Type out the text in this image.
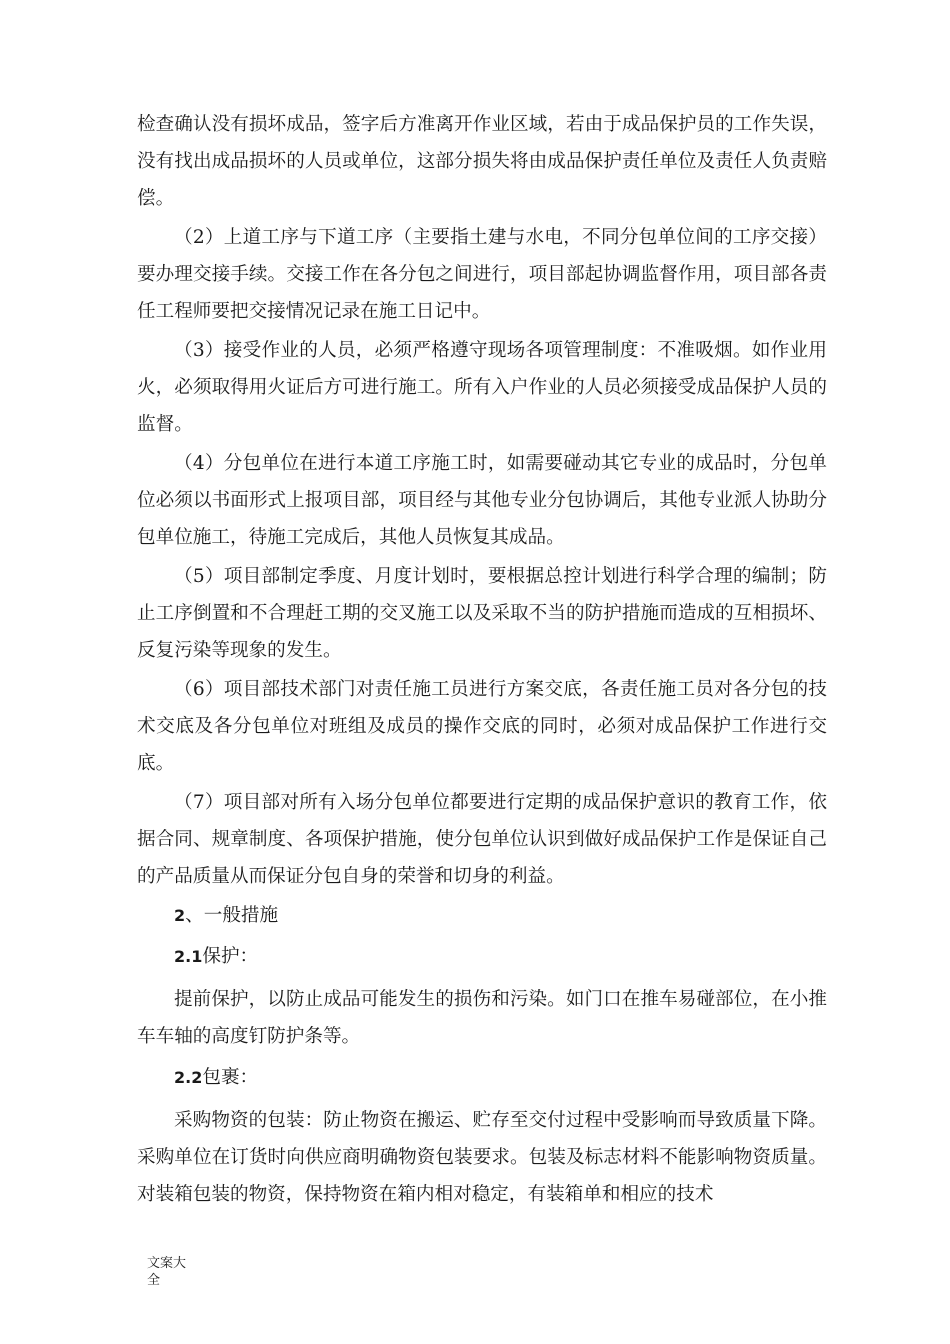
检查确认没有损坏成品，签字后方准离开作业区域，若由于成品保护员的工作失误，没有找出成品损坏的人员或单位，这部分损失将由成品保护责任单位及责任人负责赔偿。

（2）上道工序与下道工序（主要指土建与水电，不同分包单位间的工序交接）要办理交接手续。交接工作在各分包之间进行，项目部起协调监督作用，项目部各责任工程师要把交接情况记录在施工日记中。

（3）接受作业的人员，必须严格遵守现场各项管理制度：不准吸烟。如作业用火，必须取得用火证后方可进行施工。所有入户作业的人员必须接受成品保护人员的监督。

（4）分包单位在进行本道工序施工时，如需要碰动其它专业的成品时，分包单位必须以书面形式上报项目部，项目经与其他专业分包协调后，其他专业派人协助分包单位施工，待施工完成后，其他人员恢复其成品。

（5）项目部制定季度、月度计划时，要根据总控计划进行科学合理的编制；防止工序倒置和不合理赶工期的交叉施工以及采取不当的防护措施而造成的互相损坏、反复污染等现象的发生。

（6）项目部技术部门对责任施工员进行方案交底，各责任施工员对各分包的技术交底及各分包单位对班组及成员的操作交底的同时，必须对成品保护工作进行交底。

（7）项目部对所有入场分包单位都要进行定期的成品保护意识的教育工作，依据合同、规章制度、各项保护措施，使分包单位认识到做好成品保护工作是保证自己的产品质量从而保证分包自身的荣誉和切身的利益。

2、一般措施

2.1保护：

提前保护，以防止成品可能发生的损伤和污染。如门口在推车易碰部位，在小推车车轴的高度钉防护条等。

2.2包裹：

采购物资的包装：防止物资在搬运、贮存至交付过程中受影响而导致质量下降。采购单位在订货时向供应商明确物资包装要求。包装及标志材料不能影响物资质量。对装箱包装的物资，保持物资在箱内相对稳定，有装箱单和相应的技术

文案大全
